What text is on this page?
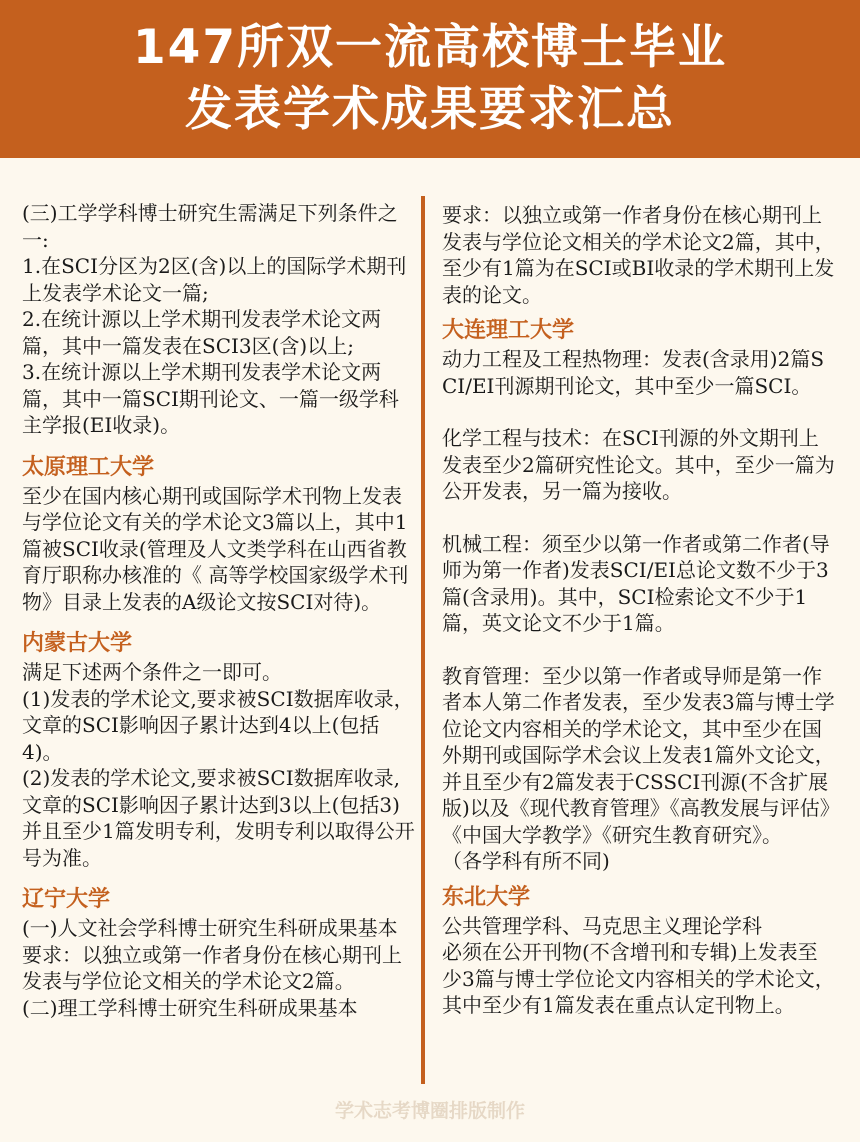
147所双一流高校博士毕业
发表学术成果要求汇总

(三)工学学科博士研究生需满足下列条件之一:
1.在SCI分区为2区(含)以上的国际学术期刊上发表学术论文一篇;
2.在统计源以上学术期刊发表学术论文两篇，其中一篇发表在SCI3区(含)以上;
3.在统计源以上学术期刊发表学术论文两篇，其中一篇SCI期刊论文、一篇一级学科主学报(EI收录)。

太原理工大学

至少在国内核心期刊或国际学术刊物上发表与学位论文有关的学术论文3篇以上，其中1篇被SCI收录(管理及人文类学科在山西省教育厅职称办核准的《 高等学校国家级学术刊物》目录上发表的A级论文按SCI对待)。

内蒙古大学

满足下述两个条件之一即可。
(1)发表的学术论文,要求被SCI数据库收录，文章的SCI影响因子累计达到4以上(包括4)。
(2)发表的学术论文,要求被SCI数据库收录,文章的SCI影响因子累计达到3以上(包括3)并且至少1篇发明专利，发明专利以取得公开号为准。

辽宁大学

(一)人文社会学科博士研究生科研成果基本要求：以独立或第一作者身份在核心期刊上发表与学位论文相关的学术论文2篇。
(二)理工学科博士研究生科研成果基本

要求：以独立或第一作者身份在核心期刊上发表与学位论文相关的学术论文2篇，其中，至少有1篇为在SCI或BI收录的学术期刊上发表的论文。

大连理工大学

动力工程及工程热物理：发表(含录用)2篇SCI/EI刊源期刊论文，其中至少一篇SCI。

化学工程与技术：在SCI刊源的外文期刊上发表至少2篇研究性论文。其中，至少一篇为公开发表，另一篇为接收。

机械工程：须至少以第一作者或第二作者(导师为第一作者)发表SCI/EI总论文数不少于3篇(含录用)。其中，SCI检索论文不少于1篇，英文论文不少于1篇。

教育管理：至少以第一作者或导师是第一作者本人第二作者发表，至少发表3篇与博士学位论文内容相关的学术论文，其中至少在国外期刊或国际学术会议上发表1篇外文论文，并且至少有2篇发表于CSSCI刊源(不含扩展版)以及《现代教育管理》《高教发展与评估》《中国大学教学》《研究生教育研究》。
（各学科有所不同)

东北大学

公共管理学科、马克思主义理论学科
必须在公开刊物(不含增刊和专辑)上发表至少3篇与博士学位论文内容相关的学术论文，其中至少有1篇发表在重点认定刊物上。

学术志考博圈排版制作
